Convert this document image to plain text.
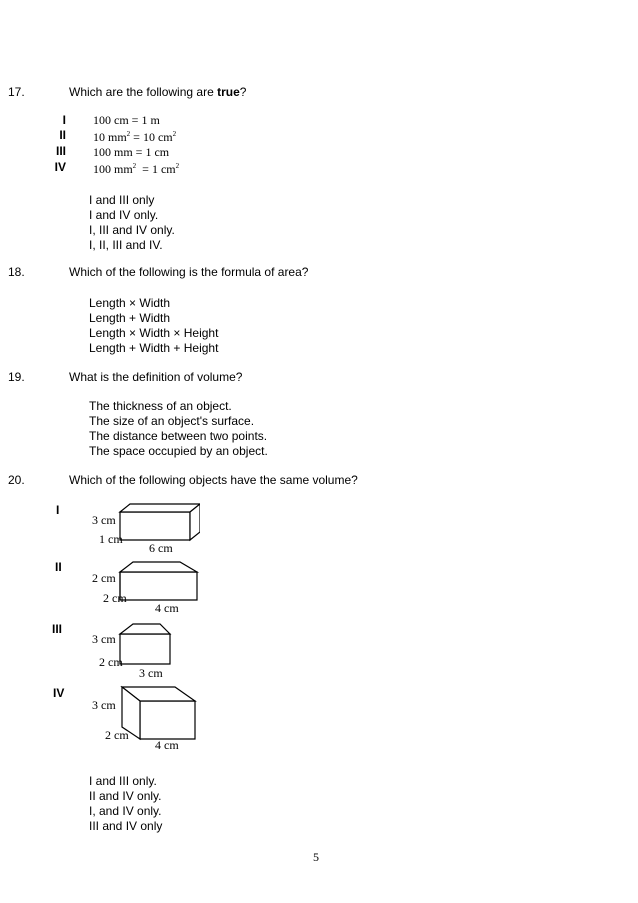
17.	Which are the following are true?
I 100 cm = 1 m
II 10 $mm^2 = 10$ $cm^2$
III 100 mm = 1 cm
IV 100 $mm^2 = 1$ $cm^2$
I and III only
I and IV only.
I, III and IV only.
I, II, III and IV.
18.	Which of the following is the formula of area?
Length × Width
Length + Width
Length × Width × Height
Length + Width + Height
19.	What is the definition of volume?
The thickness of an object.
The size of an object's surface.
The distance between two points.
The space occupied by an object.
20.	Which of the following objects have the same volume?
I
3 cm
1 cm
6 cm
II
2 cm
2 cm
4 cm
III
3 cm
2 cm
3 cm
IV
3 cm
2 cm
4 cm
I and III only.
II and IV only.
I, and IV only.
III and IV only
5
